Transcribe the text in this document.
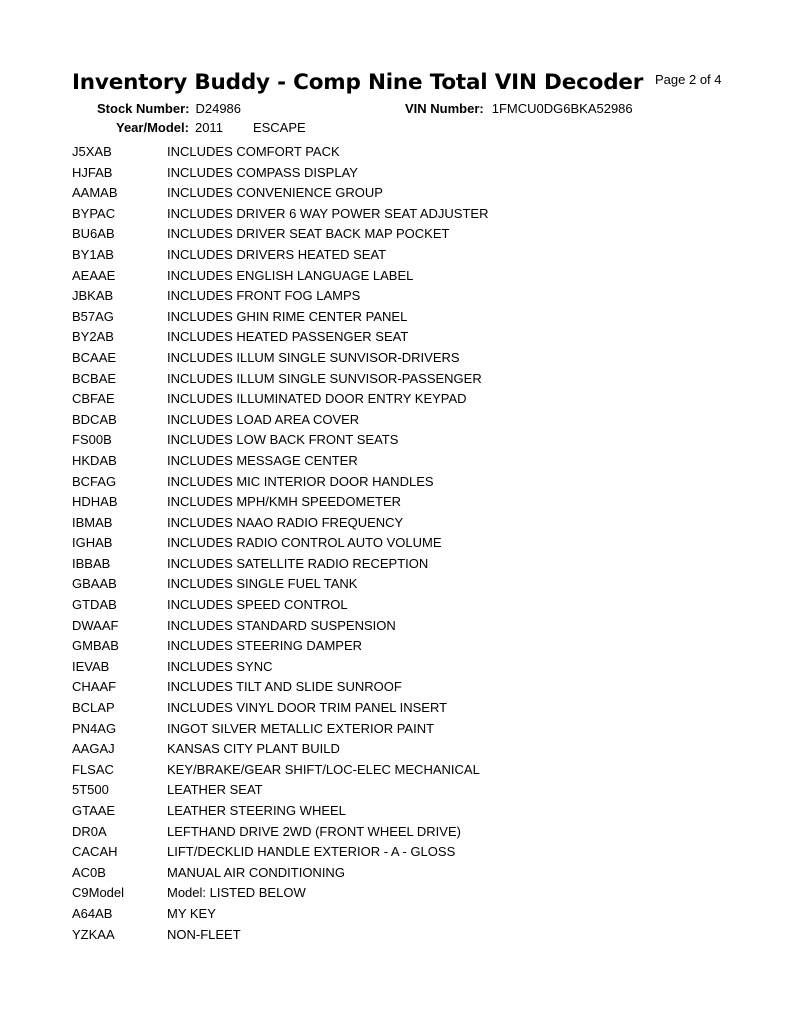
Inventory Buddy - Comp Nine Total VIN Decoder Page 2 of 4
Stock Number: D24986	VIN Number: 1FMCU0DG6BKA52986
Year/Model: 2011 ESCAPE
J5XAB	INCLUDES COMFORT PACK
HJFAB	INCLUDES COMPASS DISPLAY
AAMAB	INCLUDES CONVENIENCE GROUP
BYPAC	INCLUDES DRIVER 6 WAY POWER SEAT ADJUSTER
BU6AB	INCLUDES DRIVER SEAT BACK MAP POCKET
BY1AB	INCLUDES DRIVERS HEATED SEAT
AEAAE	INCLUDES ENGLISH LANGUAGE LABEL
JBKAB	INCLUDES FRONT FOG LAMPS
B57AG	INCLUDES GHIN RIME CENTER PANEL
BY2AB	INCLUDES HEATED PASSENGER SEAT
BCAAE	INCLUDES ILLUM SINGLE SUNVISOR-DRIVERS
BCBAE	INCLUDES ILLUM SINGLE SUNVISOR-PASSENGER
CBFAE	INCLUDES ILLUMINATED DOOR ENTRY KEYPAD
BDCAB	INCLUDES LOAD AREA COVER
FS00B	INCLUDES LOW BACK FRONT SEATS
HKDAB	INCLUDES MESSAGE CENTER
BCFAG	INCLUDES MIC INTERIOR DOOR HANDLES
HDHAB	INCLUDES MPH/KMH SPEEDOMETER
IBMAB	INCLUDES NAAO RADIO FREQUENCY
IGHAB	INCLUDES RADIO CONTROL AUTO VOLUME
IBBAB	INCLUDES SATELLITE RADIO RECEPTION
GBAAB	INCLUDES SINGLE FUEL TANK
GTDAB	INCLUDES SPEED CONTROL
DWAAF	INCLUDES STANDARD SUSPENSION
GMBAB	INCLUDES STEERING DAMPER
IEVAB	INCLUDES SYNC
CHAAF	INCLUDES TILT AND SLIDE SUNROOF
BCLAP	INCLUDES VINYL DOOR TRIM PANEL INSERT
PN4AG	INGOT SILVER METALLIC EXTERIOR PAINT
AAGAJ	KANSAS CITY PLANT BUILD
FLSAC	KEY/BRAKE/GEAR SHIFT/LOC-ELEC MECHANICAL
5T500	LEATHER SEAT
GTAAE	LEATHER STEERING WHEEL
DR0A	LEFTHAND DRIVE 2WD (FRONT WHEEL DRIVE)
CACAH	LIFT/DECKLID HANDLE EXTERIOR - A - GLOSS
AC0B	MANUAL AIR CONDITIONING
C9Model	Model: LISTED BELOW
A64AB	MY KEY
YZKAA	NON-FLEET
